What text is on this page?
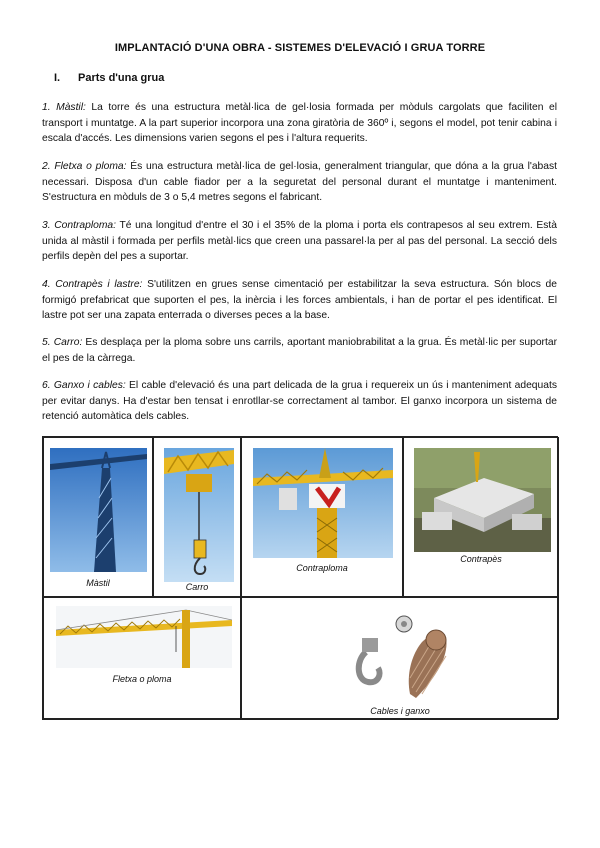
IMPLANTACIÓ D'UNA OBRA - SISTEMES D'ELEVACIÓ I GRUA TORRE
I. Parts d'una grua

1. Màstil: La torre és una estructura metàl·lica de gel·losia formada per mòduls cargolats que faciliten el transport i muntatge. A la part superior incorpora una zona giratòria de 360º i, segons el model, pot tenir cabina i escala d'accés. Les dimensions varien segons el pes i l'altura requerits.

2. Fletxa o ploma: És una estructura metàl·lica de gel·losia, generalment triangular, que dóna a la grua l'abast necessari. Disposa d'un cable fiador per a la seguretat del personal durant el muntatge i manteniment. S'estructura en mòduls de 3 o 5,4 metres segons el fabricant.

3. Contraploma: Té una longitud d'entre el 30 i el 35% de la ploma i porta els contrapesos al seu extrem. Està unida al màstil i formada per perfils metàl·lics que creen una passarel·la per al pas del personal. La secció dels perfils depèn del pes a suportar.

4. Contrapès i lastre: S'utilitzen en grues sense cimentació per estabilitzar la seva estructura. Són blocs de formigó prefabricat que suporten el pes, la inèrcia i les forces ambientals, i han de portar el pes identificat. El lastre pot ser una zapata enterrada o diverses peces a la base.

5. Carro: Es desplaça per la ploma sobre uns carrils, aportant maniobrabilitat a la grua. És metàl·lic per suportar el pes de la càrrega.

6. Ganxo i cables: El cable d'elevació és una part delicada de la grua i requereix un ús i manteniment adequats per evitar danys. Ha d'estar ben tensat i enrotllar-se correctament al tambor. El ganxo incorpora un sistema de retenció automàtica dels cables.

Màstil	Carro
Contraploma
Contrapès
Fletxa o ploma
Cables i ganxo
